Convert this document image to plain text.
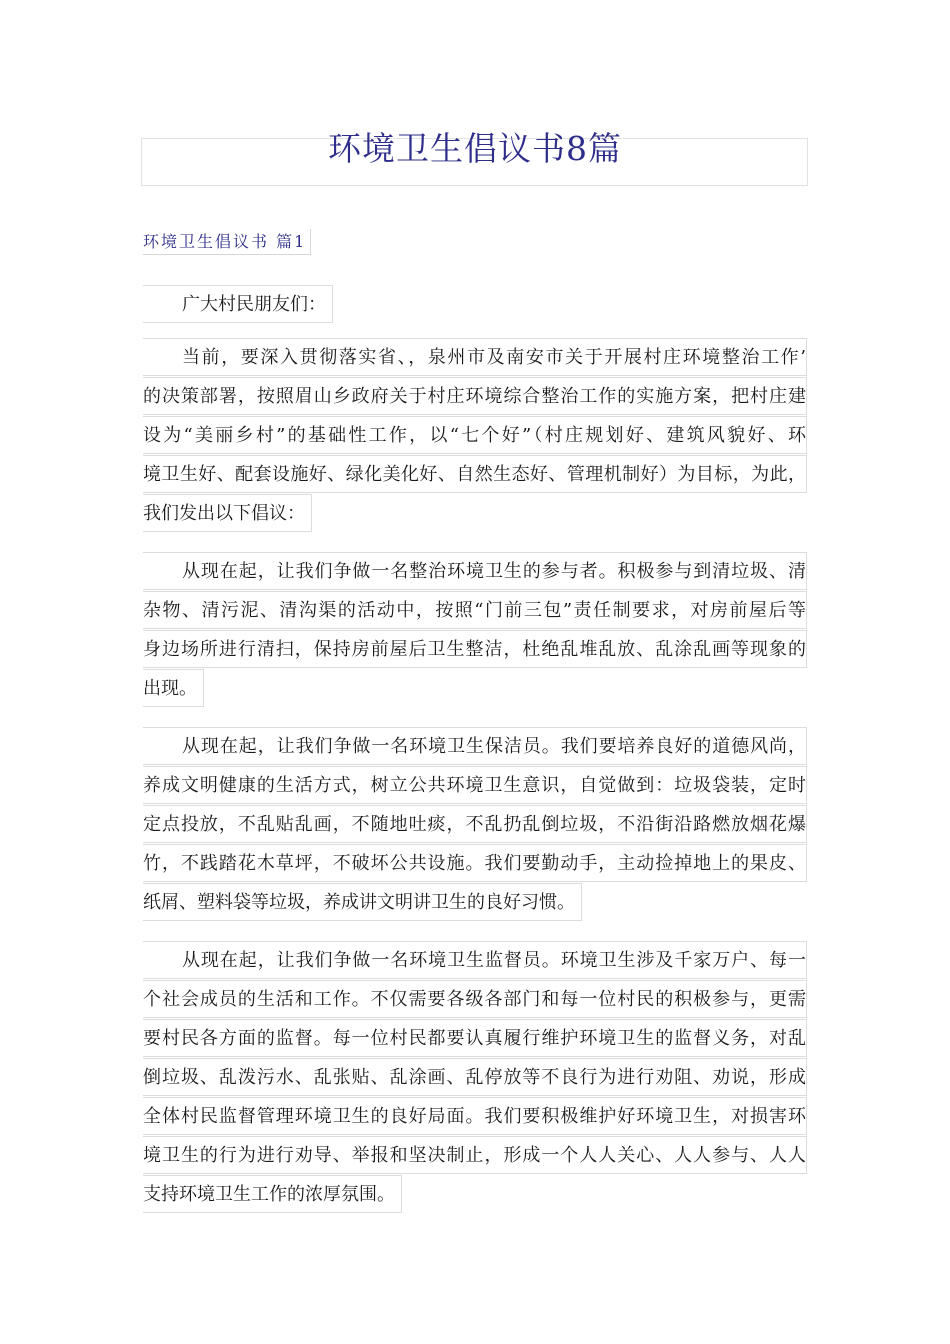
环境卫生倡议书8篇
环境卫生倡议书 篇1
广大村民朋友们：
当前，要深入贯彻落实省、，泉州市及南安市关于开展村庄环境整治工作’
的决策部署，按照眉山乡政府关于村庄环境综合整治工作的实施方案，把村庄建
设为“美丽乡村”的基础性工作，以“七个好”（村庄规划好、建筑风貌好、环
境卫生好、配套设施好、绿化美化好、自然生态好、管理机制好）为目标，为此，
我们发出以下倡议：
从现在起，让我们争做一名整治环境卫生的参与者。积极参与到清垃圾、清
杂物、清污泥、清沟渠的活动中，按照“门前三包”责任制要求，对房前屋后等
身边场所进行清扫，保持房前屋后卫生整洁，杜绝乱堆乱放、乱涂乱画等现象的
出现。
从现在起，让我们争做一名环境卫生保洁员。我们要培养良好的道德风尚，
养成文明健康的生活方式，树立公共环境卫生意识，自觉做到：垃圾袋装，定时
定点投放，不乱贴乱画，不随地吐痰，不乱扔乱倒垃圾，不沿街沿路燃放烟花爆
竹，不践踏花木草坪，不破坏公共设施。我们要勤动手，主动捡掉地上的果皮、
纸屑、塑料袋等垃圾，养成讲文明讲卫生的良好习惯。
从现在起，让我们争做一名环境卫生监督员。环境卫生涉及千家万户、每一
个社会成员的生活和工作。不仅需要各级各部门和每一位村民的积极参与，更需
要村民各方面的监督。每一位村民都要认真履行维护环境卫生的监督义务，对乱
倒垃圾、乱泼污水、乱张贴、乱涂画、乱停放等不良行为进行劝阻、劝说，形成
全体村民监督管理环境卫生的良好局面。我们要积极维护好环境卫生，对损害环
境卫生的行为进行劝导、举报和坚决制止，形成一个人人关心、人人参与、人人
支持环境卫生工作的浓厚氛围。
